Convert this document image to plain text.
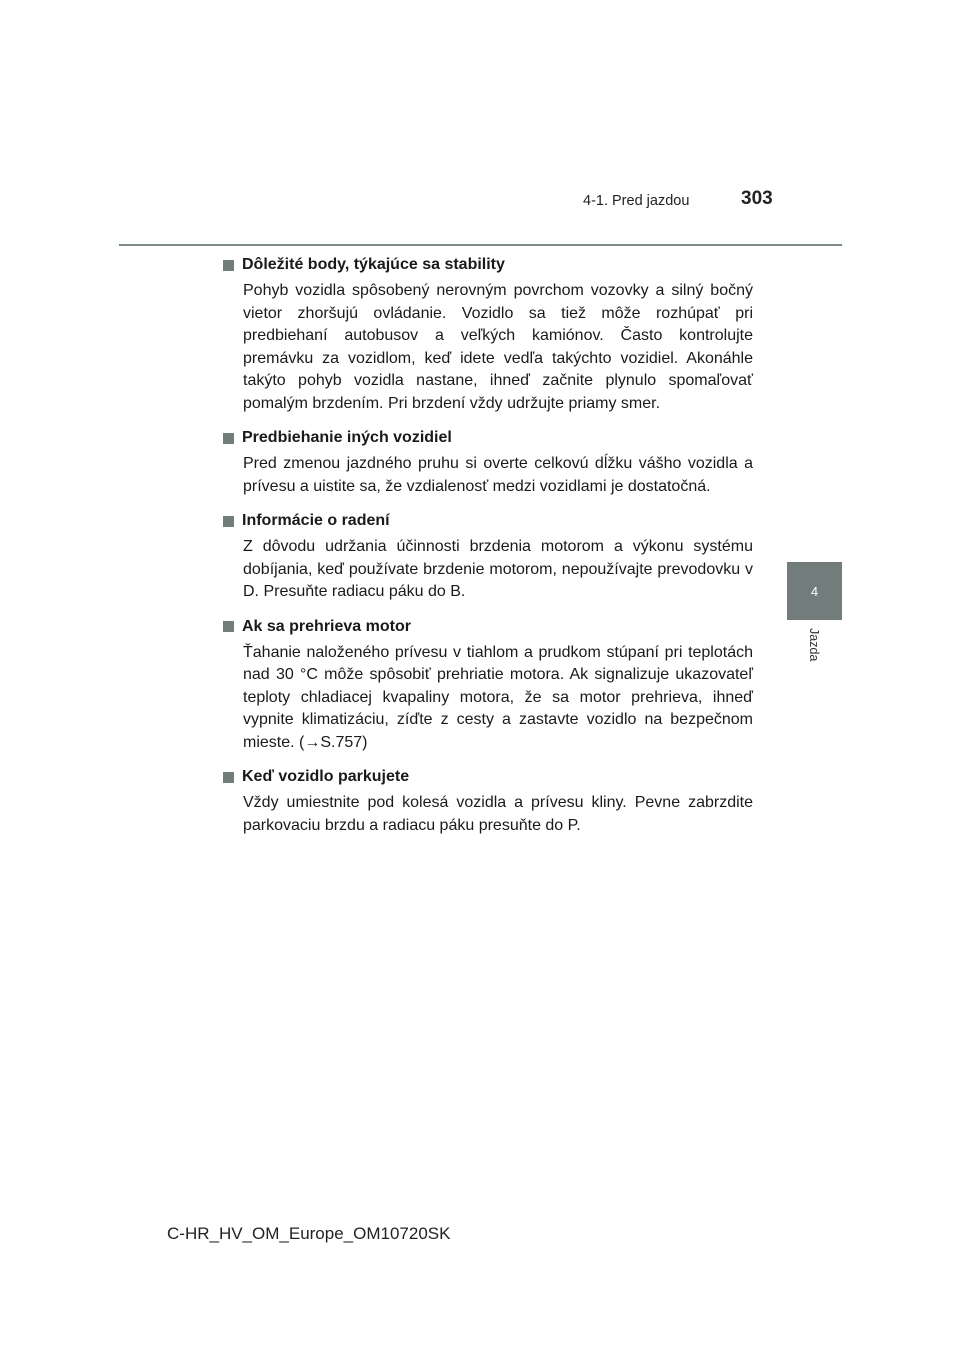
4-1. Pred jazdou	303
4
Jazda
Dôležité body, týkajúce sa stability

Pohyb vozidla spôsobený nerovným povrchom vozovky a silný bočný vietor zhoršujú ovládanie. Vozidlo sa tiež môže rozhúpať pri predbiehaní autobusov a veľkých kamiónov. Často kontrolujte premávku za vozidlom, keď idete vedľa takýchto vozidiel. Akonáhle takýto pohyb vozidla nastane, ihneď začnite plynulo spomaľovať pomalým brzdením. Pri brzdení vždy udržujte priamy smer.

Predbiehanie iných vozidiel

Pred zmenou jazdného pruhu si overte celkovú dĺžku vášho vozidla a prívesu a uistite sa, že vzdialenosť medzi vozidlami je dostatočná.

Informácie o radení

Z dôvodu udržania účinnosti brzdenia motorom a výkonu systému dobíjania, keď používate brzdenie motorom, nepoužívajte prevodovku v D. Presuňte radiacu páku do B.

Ak sa prehrieva motor

Ťahanie naloženého prívesu v tiahlom a prudkom stúpaní pri teplotách nad 30 °C môže spôsobiť prehriatie motora. Ak signalizuje ukazovateľ teploty chladiacej kvapaliny motora, že sa motor prehrieva, ihneď vypnite klimatizáciu, zíďte z cesty a zastavte vozidlo na bezpečnom mieste. (→S.757)

Keď vozidlo parkujete

Vždy umiestnite pod kolesá vozidla a prívesu kliny. Pevne zabrzdite parkovaciu brzdu a radiacu páku presuňte do P.

C-HR_HV_OM_Europe_OM10720SK
